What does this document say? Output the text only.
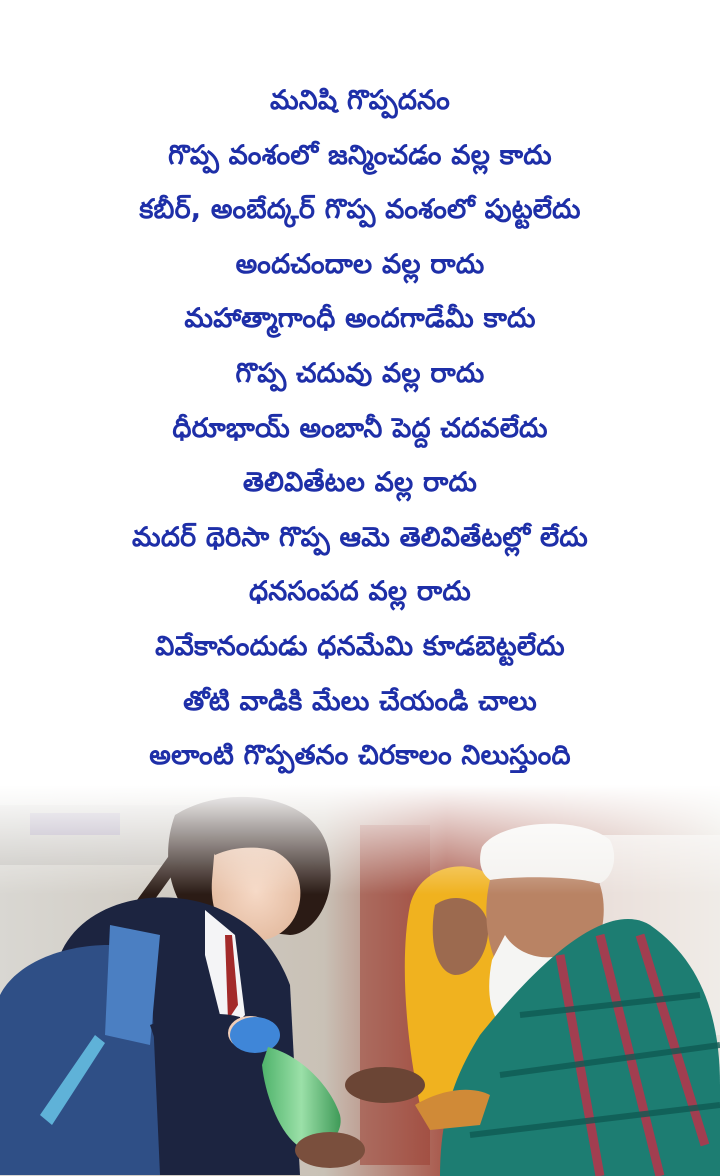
మనిషి గొప్పదనం
గొప్ప వంశంలో జన్మించడం వల్ల కాదు
కబీర్, అంబేద్కర్ గొప్ప వంశంలో పుట్టలేదు
అందచందాల వల్ల రాదు
మహాత్మాగాంధీ అందగాడేమీ కాదు
గొప్ప చదువు వల్ల రాదు
ధీరూభాయ్ అంబానీ పెద్ద చదవలేదు
తెలివితేటల వల్ల రాదు
మదర్ థెరిసా గొప్ప ఆమె తెలివితేటల్లో లేదు
ధనసంపద వల్ల రాదు
వివేకానందుడు ధనమేమి కూడబెట్టలేదు
తోటి వాడికి మేలు చేయండి చాలు
అలాంటి గొప్పతనం చిరకాలం నిలుస్తుంది
